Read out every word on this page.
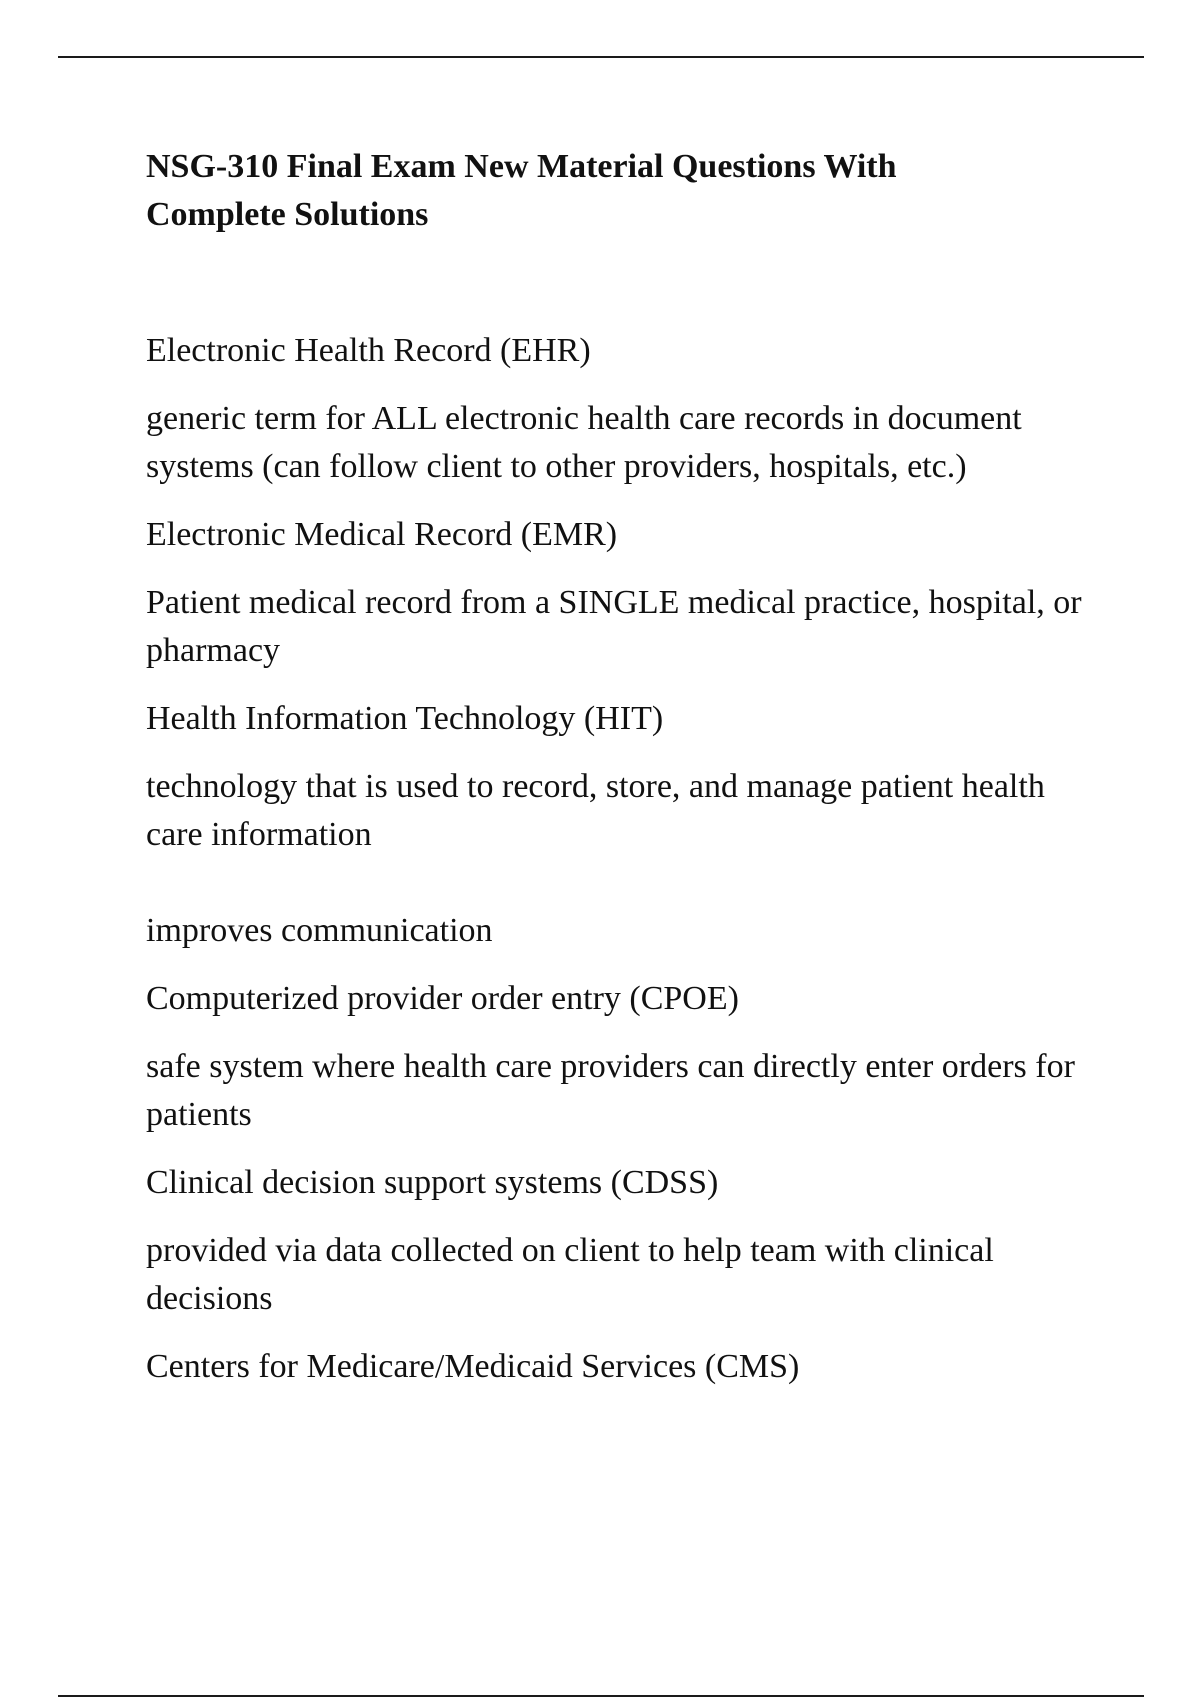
NSG-310 Final Exam New Material Questions With Complete Solutions

Electronic Health Record (EHR)

generic term for ALL electronic health care records in document systems (can follow client to other providers, hospitals, etc.)

Electronic Medical Record (EMR)

Patient medical record from a SINGLE medical practice, hospital, or pharmacy

Health Information Technology (HIT)

technology that is used to record, store, and manage patient health care information

improves communication

Computerized provider order entry (CPOE)

safe system where health care providers can directly enter orders for patients

Clinical decision support systems (CDSS)

provided via data collected on client to help team with clinical decisions

Centers for Medicare/Medicaid Services (CMS)
